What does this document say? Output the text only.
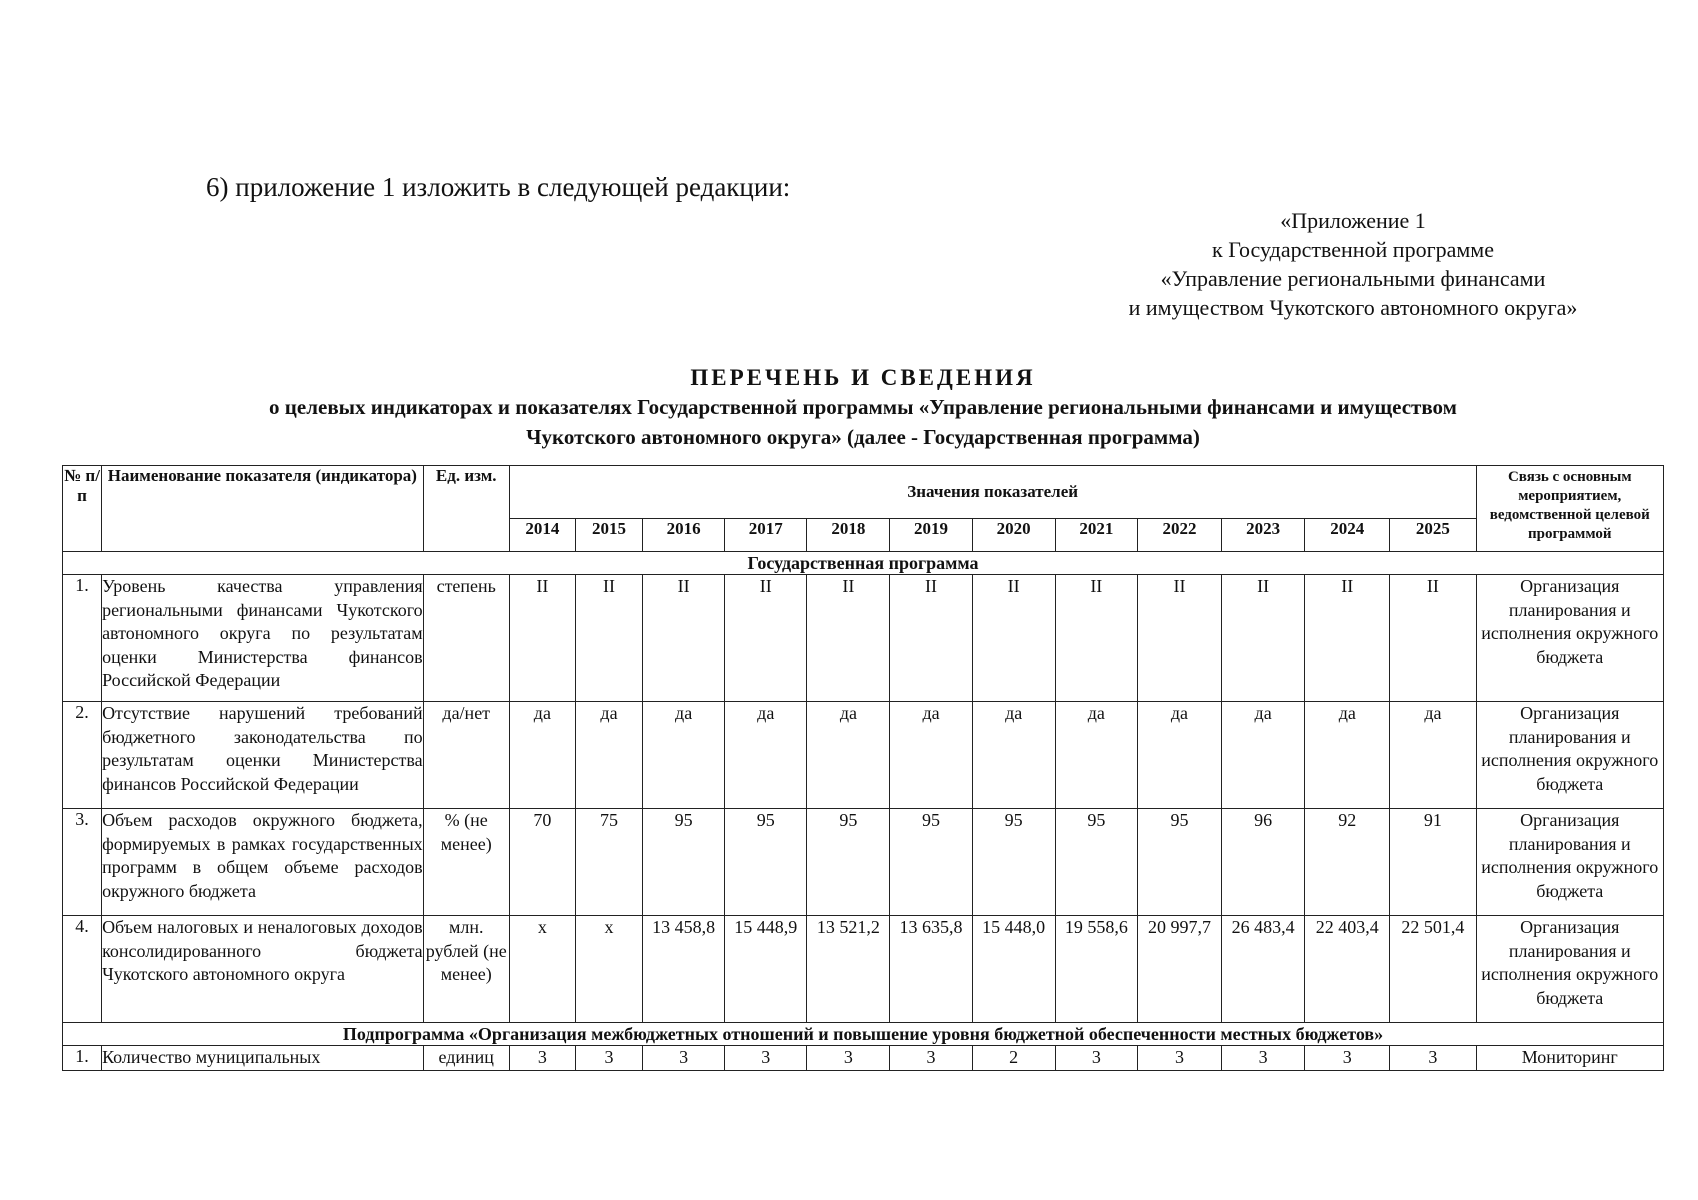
6) приложение 1 изложить в следующей редакции:
«Приложение 1
к Государственной программе
«Управление региональными финансами
и имуществом Чукотского автономного округа»
ПЕРЕЧЕНЬ И СВЕДЕНИЯ
о целевых индикаторах и показателях Государственной программы «Управление региональными финансами и имуществом
Чукотского автономного округа» (далее - Государственная программа)
№ п/п	Наименование показателя (индикатора)	Ед. изм.	Значения показателей												Связь с основным мероприятием, ведомственной целевой программой
			2014	2015	2016	2017	2018	2019	2020	2021	2022	2023	2024	2025	
Государственная программа															
1.	Уровень качества управления региональными финансами Чукотского автономного округа по результатам оценки Министерства финансов Российской Федерации	степень	II	II	II	II	II	II	II	II	II	II	II	II	Организация планирования и исполнения окружного бюджета
2.	Отсутствие нарушений требований бюджетного законодательства по результатам оценки Министерства финансов Российской Федерации	да/нет	да	да	да	да	да	да	да	да	да	да	да	да	Организация планирования и исполнения окружного бюджета
3.	Объем расходов окружного бюджета, формируемых в рамках государственных программ в общем объеме расходов окружного бюджета	% (не менее)	70	75	95	95	95	95	95	95	95	96	92	91	Организация планирования и исполнения окружного бюджета
4.	Объем налоговых и неналоговых доходов консолидированного бюджета Чукотского автономного округа	млн. рублей (не менее)	х	х	13 458,8	15 448,9	13 521,2	13 635,8	15 448,0	19 558,6	20 997,7	26 483,4	22 403,4	22 501,4	Организация планирования и исполнения окружного бюджета
Подпрограмма «Организация межбюджетных отношений и повышение уровня бюджетной обеспеченности местных бюджетов»															
1.	Количество муниципальных	единиц	3	3	3	3	3	3	2	3	3	3	3	3	Мониторинг
